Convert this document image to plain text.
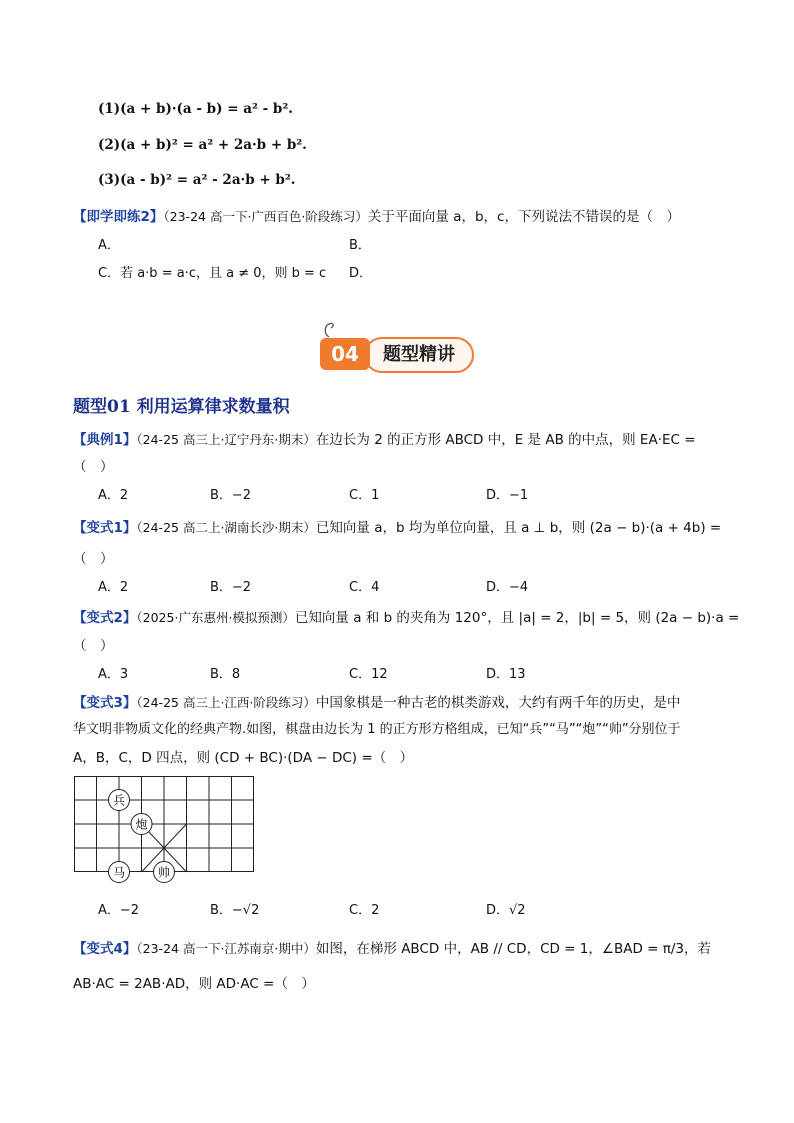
(1)(a + b)·(a - b) = a² - b².
(2)(a + b)² = a² + 2a·b + b².
(3)(a - b)² = a² - 2a·b + b².
【即学即练2】（23-24 高一下·广西百色·阶段练习）关于平面向量 a，b，c，下列说法不错误的是（　）
A．	B．
C．若 a·b = a·c，且 a ≠ 0，则 b = c D．
题型精讲
04
题型01 利用运算律求数量积
【典例1】（24-25 高三上·辽宁丹东·期末）在边长为 2 的正方形 ABCD 中，E 是 AB 的中点，则 EA·EC =
（　）
A．2	B．−2	C．1	D．−1
【变式1】（24-25 高二上·湖南长沙·期末）已知向量 a，b 均为单位向量，且 a ⊥ b，则 (2a − b)·(a + 4b) =
（　）
A．2	B．−2	C．4	D．−4
【变式2】（2025·广东惠州·模拟预测）已知向量 a 和 b 的夹角为 120°，且 |a| = 2，|b| = 5，则 (2a − b)·a =
（　）
A．3	B．8	C．12	D．13
【变式3】（24-25 高三上·江西·阶段练习）中国象棋是一种古老的棋类游戏，大约有两千年的历史，是中
华文明非物质文化的经典产物.如图，棋盘由边长为 1 的正方形方格组成，已知“兵”“马”“炮”“帅”分别位于
A，B，C，D 四点，则 (CD + BC)·(DA − DC) =（　）
兵
炮
马	帅
A．−2	B．−√2	C．2	D．√2
【变式4】（23-24 高一下·江苏南京·期中）如图，在梯形 ABCD 中，AB // CD，CD = 1，∠BAD = π/3，若
AB·AC = 2AB·AD，则 AD·AC =（　）
